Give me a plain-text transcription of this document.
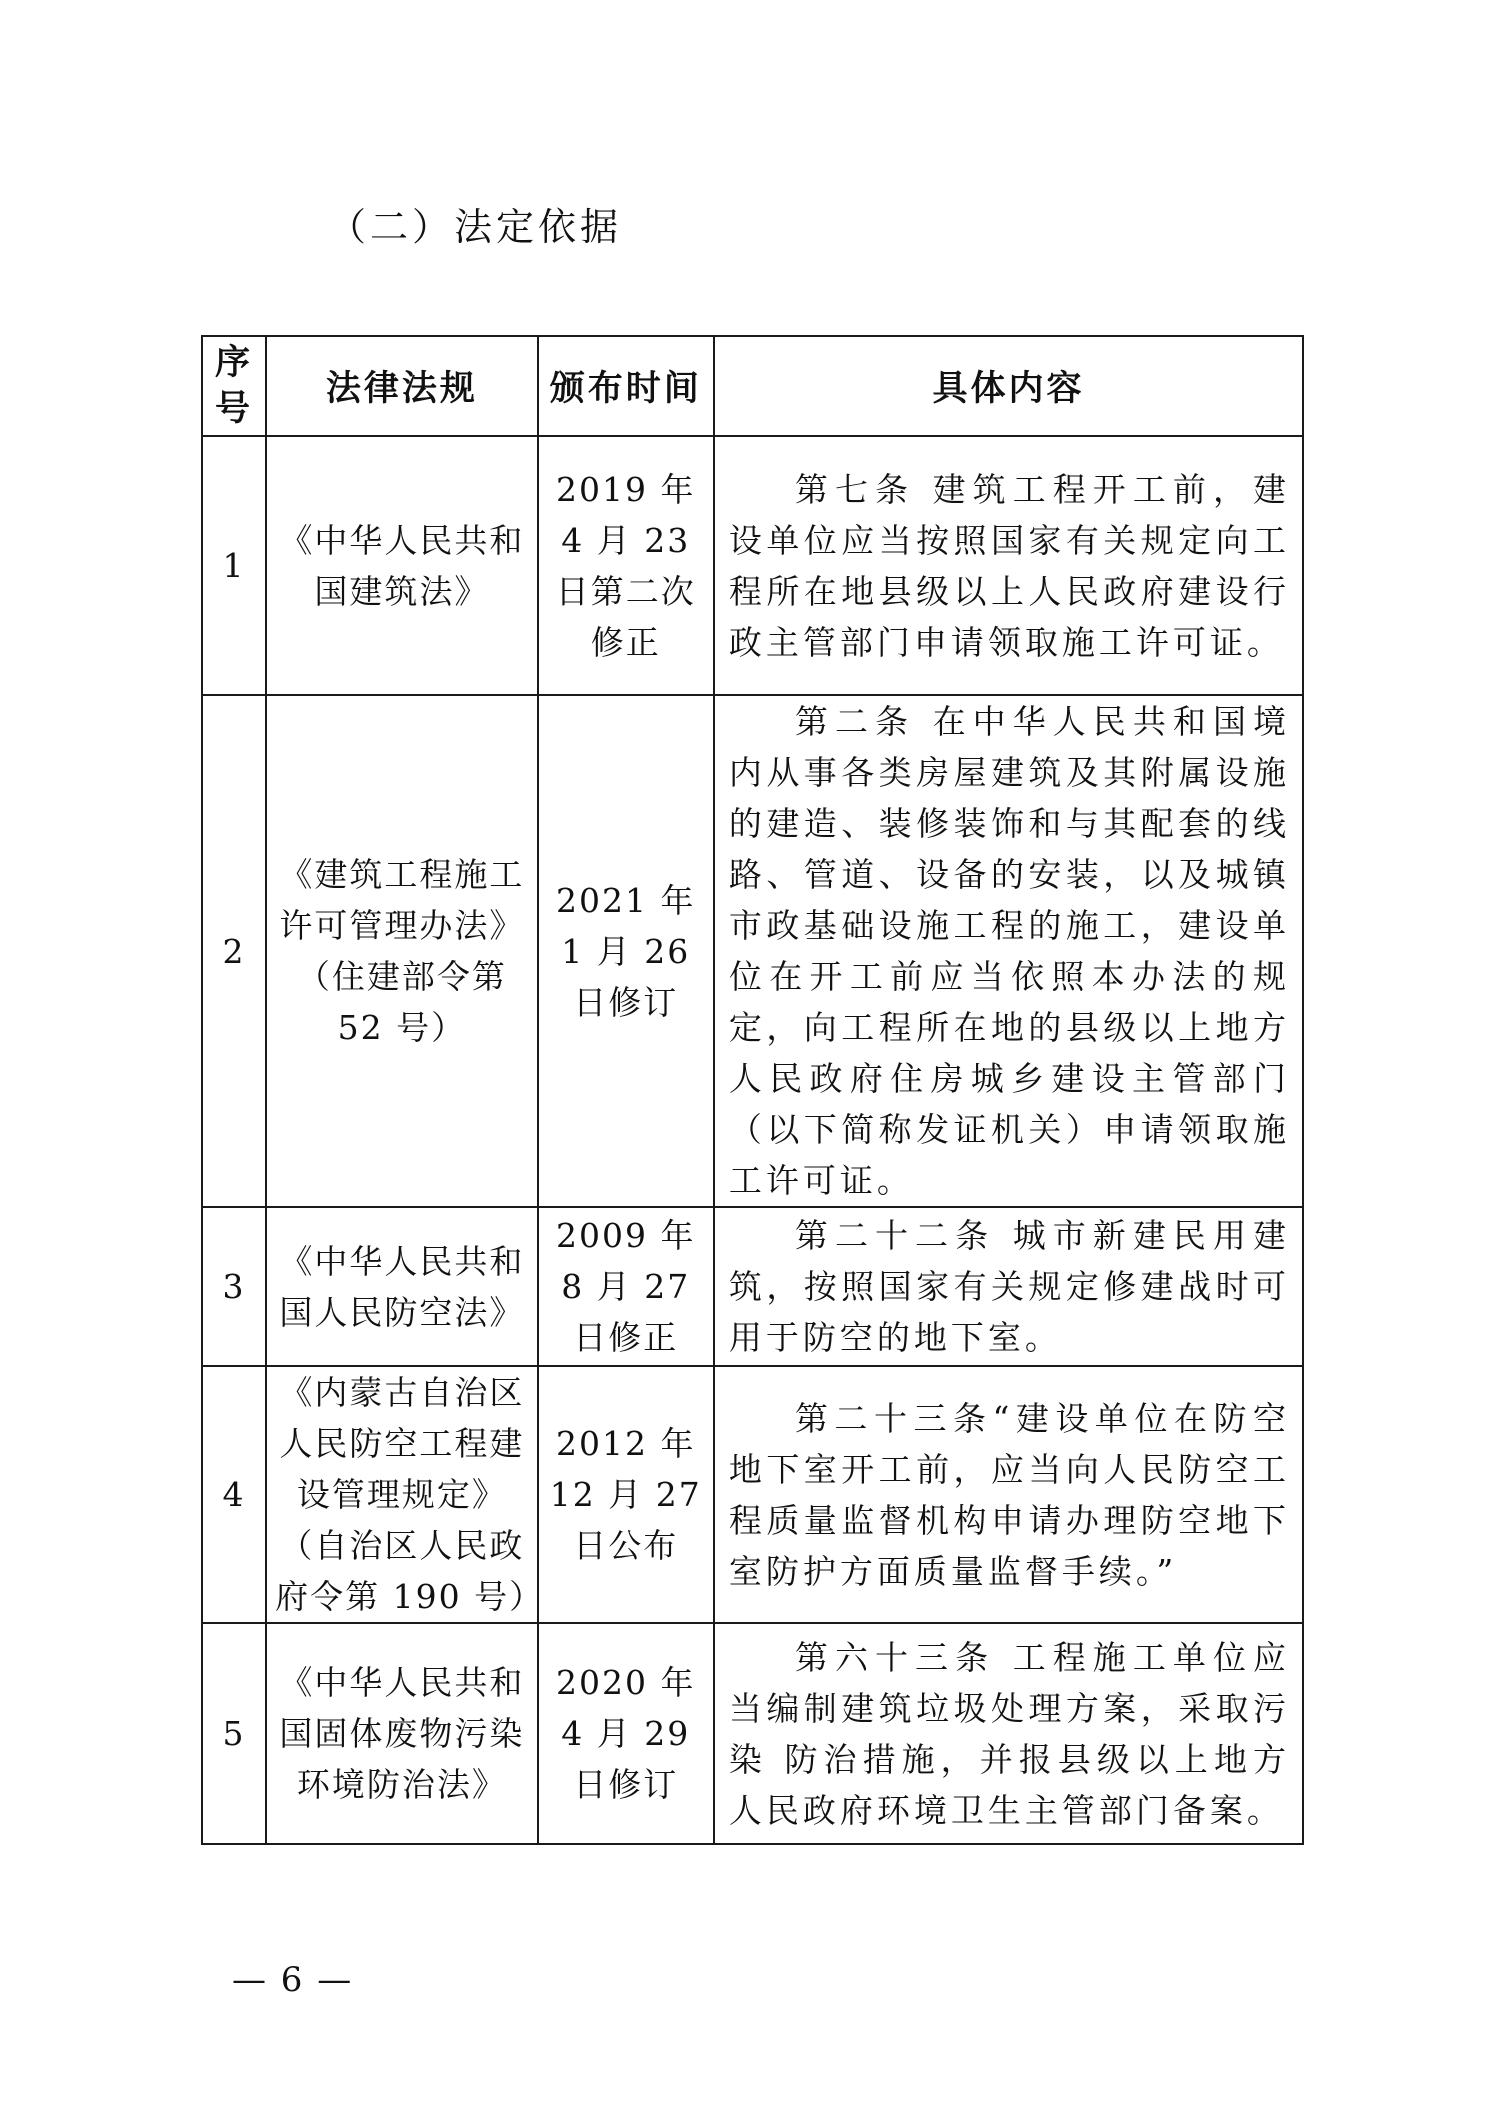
（二）法定依据
序号	法律法规	颁布时间	具体内容
1	《中华人民共和国建筑法》	2019 年 4 月 23 日第二次修正	第七条 建筑工程开工前，建设单位应当按照国家有关规定向工程所在地县级以上人民政府建设行政主管部门申请领取施工许可证。
2	《建筑工程施工许可管理办法》（住建部令第 52 号）	2021 年 1 月 26 日修订	第二条 在中华人民共和国境内从事各类房屋建筑及其附属设施的建造、装修装饰和与其配套的线路、管道、设备的安装，以及城镇市政基础设施工程的施工，建设单位在开工前应当依照本办法的规定，向工程所在地的县级以上地方人民政府住房城乡建设主管部门（以下简称发证机关）申请领取施工许可证。
3	《中华人民共和国人民防空法》	2009 年 8 月 27 日修正	第二十二条 城市新建民用建筑，按照国家有关规定修建战时可用于防空的地下室。
4	《内蒙古自治区人民防空工程建设管理规定》（自治区人民政府令第 190 号）	2012 年 12 月 27 日公布	第二十三条“建设单位在防空地下室开工前，应当向人民防空工程质量监督机构申请办理防空地下室防护方面质量监督手续。”
5	《中华人民共和国固体废物污染环境防治法》	2020 年 4 月 29 日修订	第六十三条 工程施工单位应当编制建筑垃圾处理方案，采取污染 防治措施，并报县级以上地方人民政府环境卫生主管部门备案。
— 6 —
